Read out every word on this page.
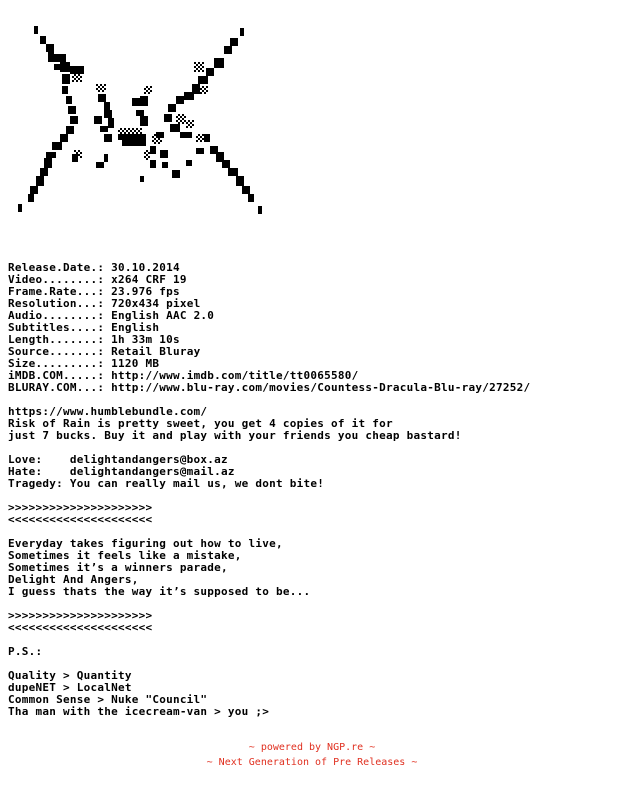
Release.Date.: 30.10.2014
Video........: x264 CRF 19
Frame.Rate...: 23.976 fps
Resolution...: 720x434 pixel
Audio........: English AAC 2.0
Subtitles....: English
Length.......: 1h 33m 10s
Source.......: Retail Bluray
Size.........: 1120 MB
iMDB.COM.....: http://www.imdb.com/title/tt0065580/
BLURAY.COM...: http://www.blu-ray.com/movies/Countess-Dracula-Blu-ray/27252/
https://www.humblebundle.com/
Risk of Rain is pretty sweet, you get 4 copies of it for
just 7 bucks. Buy it and play with your friends you cheap bastard!
Love:    delightandangers@box.az
Hate:    delightandangers@mail.az
Tragedy: You can really mail us, we dont bite!
>>>>>>>>>>>>>>>>>>>>>
<<<<<<<<<<<<<<<<<<<<<
Everyday takes figuring out how to live,
Sometimes it feels like a mistake,
Sometimes it’s a winners parade,
Delight And Angers,
I guess thats the way it’s supposed to be...
>>>>>>>>>>>>>>>>>>>>>
<<<<<<<<<<<<<<<<<<<<<
P.S.:
Quality > Quantity
dupeNET > LocalNet
Common Sense > Nuke "Council"
Tha man with the icecream-van > you ;>
~ powered by NGP.re ~
~ Next Generation of Pre Releases ~
